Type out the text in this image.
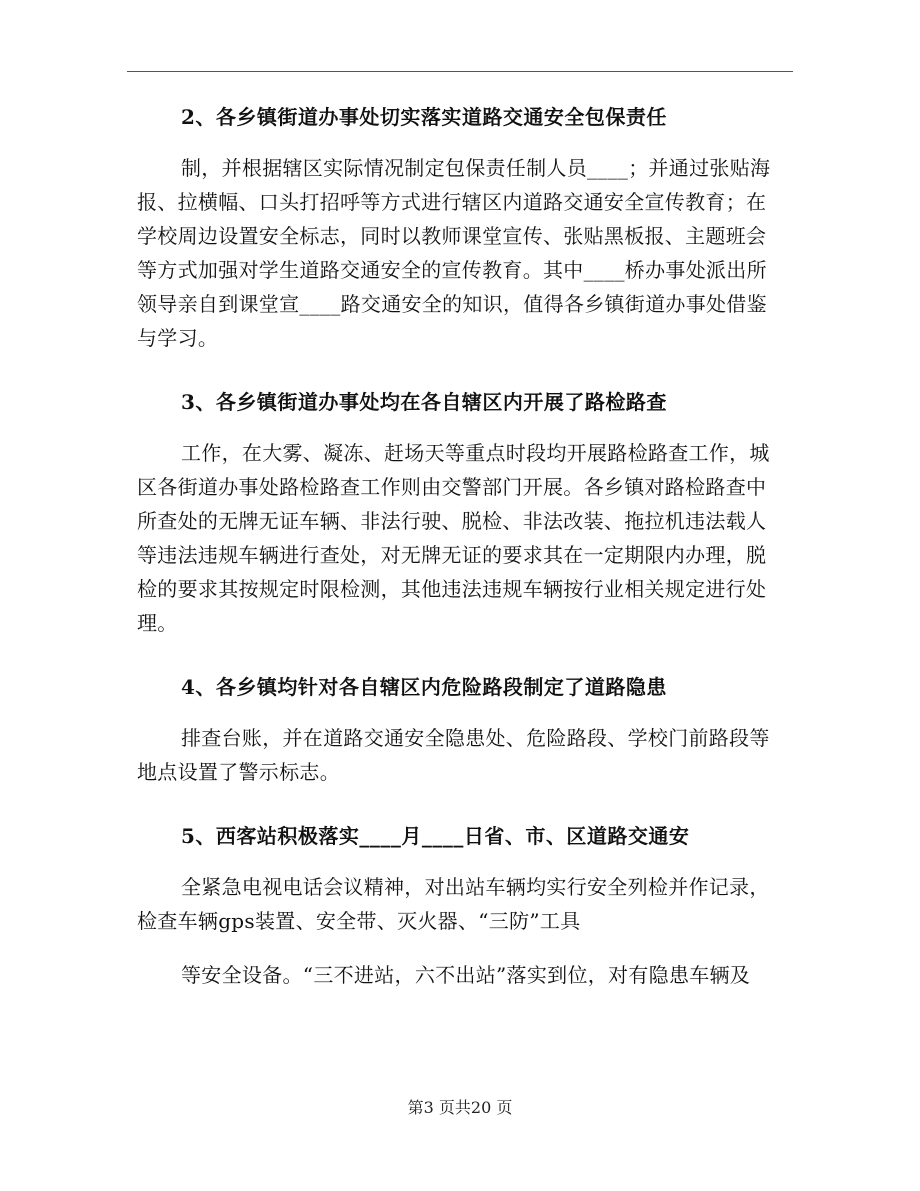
2、各乡镇街道办事处切实落实道路交通安全包保责任

制，并根据辖区实际情况制定包保责任制人员____；并通过张贴海
报、拉横幅、口头打招呼等方式进行辖区内道路交通安全宣传教育；在
学校周边设置安全标志，同时以教师课堂宣传、张贴黑板报、主题班会
等方式加强对学生道路交通安全的宣传教育。其中____桥办事处派出所
领导亲自到课堂宣____路交通安全的知识，值得各乡镇街道办事处借鉴
与学习。

3、各乡镇街道办事处均在各自辖区内开展了路检路查

工作，在大雾、凝冻、赶场天等重点时段均开展路检路查工作，城
区各街道办事处路检路查工作则由交警部门开展。各乡镇对路检路查中
所查处的无牌无证车辆、非法行驶、脱检、非法改装、拖拉机违法载人
等违法违规车辆进行查处，对无牌无证的要求其在一定期限内办理，脱
检的要求其按规定时限检测，其他违法违规车辆按行业相关规定进行处
理。

4、各乡镇均针对各自辖区内危险路段制定了道路隐患

排查台账，并在道路交通安全隐患处、危险路段、学校门前路段等
地点设置了警示标志。

5、西客站积极落实____月____日省、市、区道路交通安

全紧急电视电话会议精神，对出站车辆均实行安全列检并作记录，
检查车辆gps装置、安全带、灭火器、“三防”工具
等安全设备。“三不进站，六不出站”落实到位，对有隐患车辆及
第3 页共20 页
